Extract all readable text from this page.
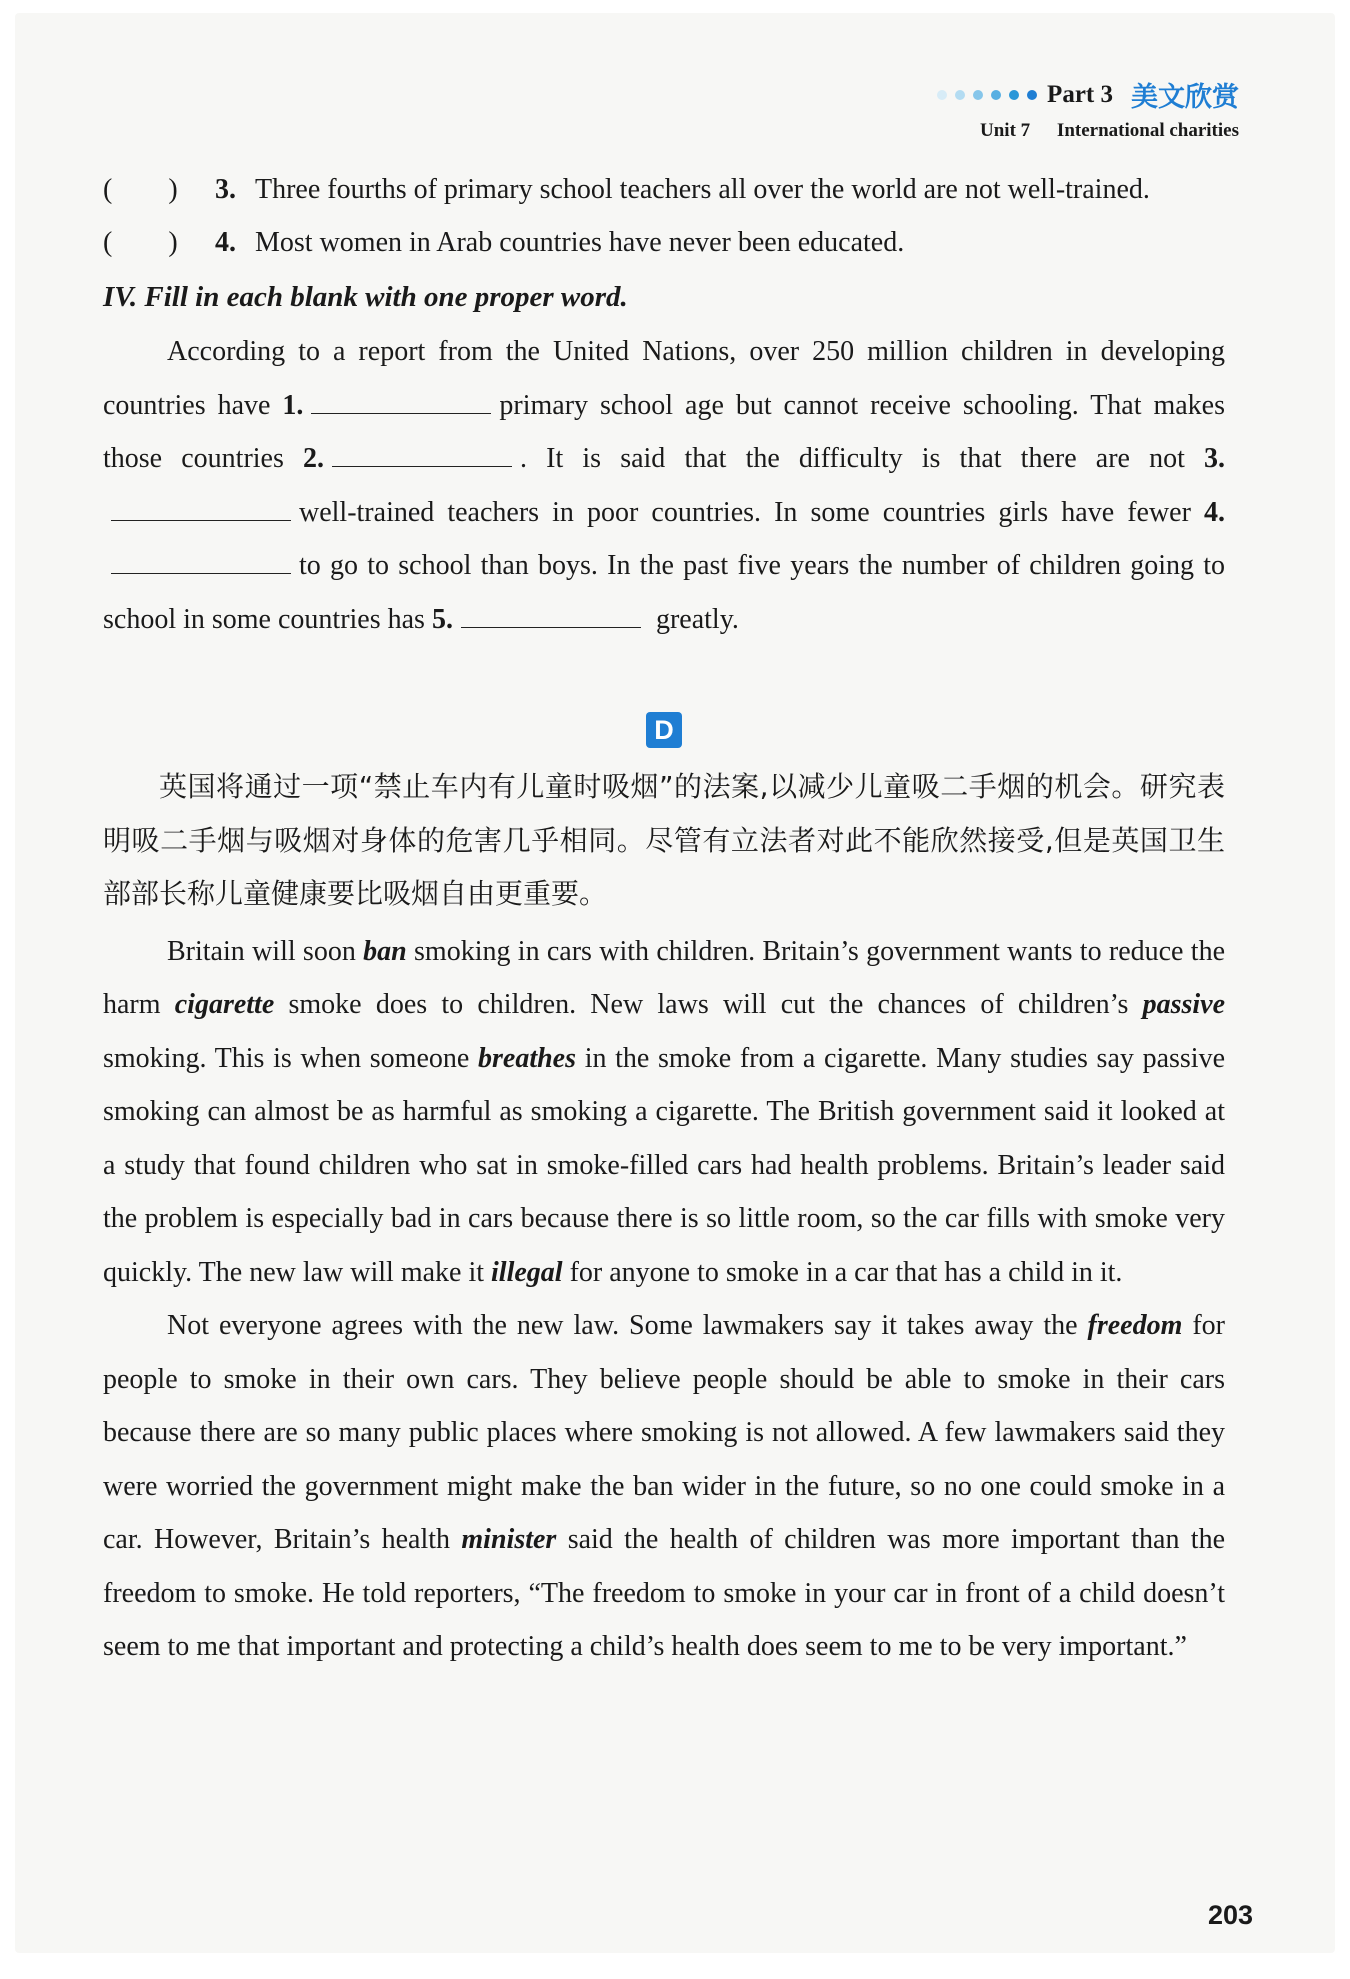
Part 3 美文欣赏
Unit 7 International charities
(        )	3. Three fourths of primary school teachers all over the world are not well-trained.
(        )	4. Most women in Arab countries have never been educated.
IV. Fill in each blank with one proper word.

According to a report from the United Nations, over 250 million children in developing countries have 1.	primary school age but cannot receive schooling. That makes those countries 2.	. It is said that the difficulty is that there are not 3.well-trained teachers in poor countries. In some countries girls have fewer 4.to go to school than boys. In the past five years the number of children going to school in some countries has 5.	greatly.

D

英国将通过一项“禁止车内有儿童时吸烟”的法案,以减少儿童吸二手烟的机会。研究表明吸二手烟与吸烟对身体的危害几乎相同。尽管有立法者对此不能欣然接受,但是英国卫生部部长称儿童健康要比吸烟自由更重要。

Britain will soon ban smoking in cars with children. Britain’s government wants to reduce the harm cigarette smoke does to children. New laws will cut the chances of children’s passive smoking. This is when someone breathes in the smoke from a cigarette. Many studies say passive smoking can almost be as harmful as smoking a cigarette. The British government said it looked at a study that found children who sat in smoke-filled cars had health problems. Britain’s leader said the problem is especially bad in cars because there is so little room, so the car fills with smoke very quickly. The new law will make it illegal for anyone to smoke in a car that has a child in it.

Not everyone agrees with the new law. Some lawmakers say it takes away the freedom for people to smoke in their own cars. They believe people should be able to smoke in their cars because there are so many public places where smoking is not allowed. A few lawmakers said they were worried the government might make the ban wider in the future, so no one could smoke in a car. However, Britain’s health minister said the health of children was more important than the freedom to smoke. He told reporters, “The freedom to smoke in your car in front of a child doesn’t seem to me that important and protecting a child’s health does seem to me to be very important.”

203
